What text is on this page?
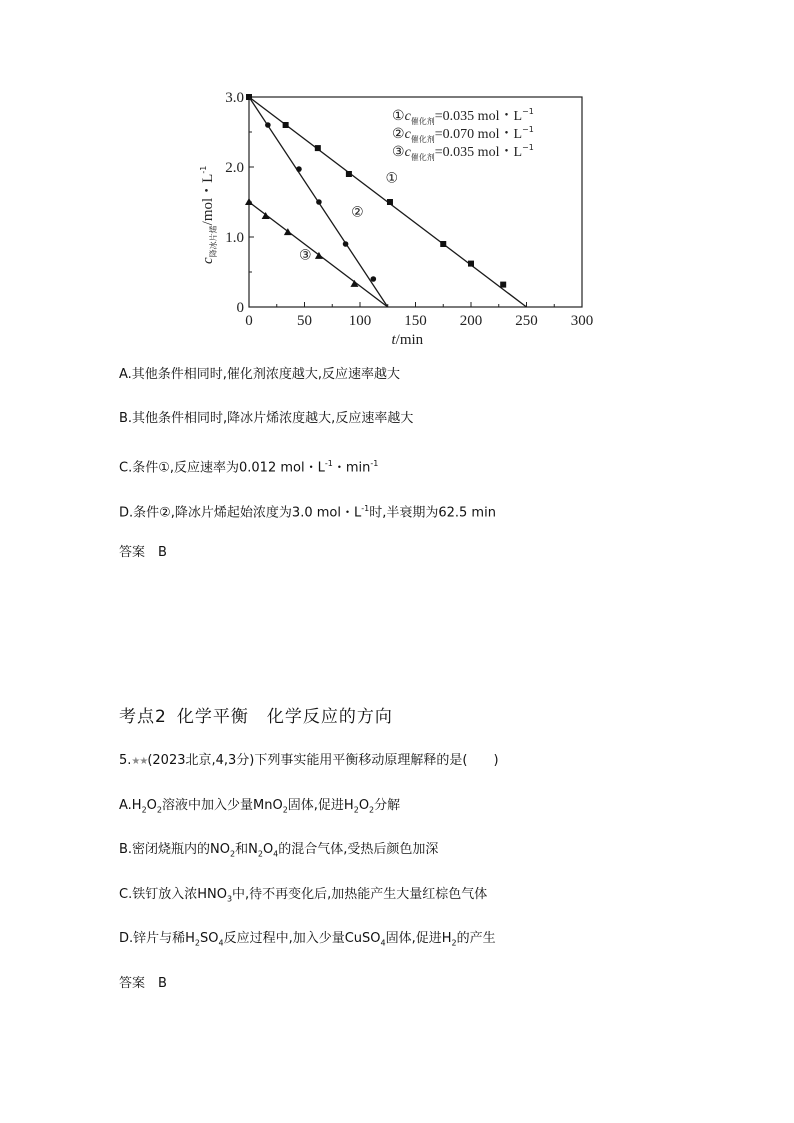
0	50 100 150 200 250 300
0
1.0
2.0
3.0
t/min
$c_{降冰片烯}$/mol・$L^{-1}$
①
②
③
$①c_{催化剂}=0.035$ mol・$L^{-1}$
$②c_{催化剂}=0.070$ mol・$L^{-1}$
$③c_{催化剂}=0.035$ mol・$L^{-1}$
A.其他条件相同时,催化剂浓度越大,反应速率越大
B.其他条件相同时,降冰片烯浓度越大,反应速率越大
C.条件①,反应速率为0.012 mol・$L^{-1}$・$\min^{-1}$
D.条件②,降冰片烯起始浓度为3.0 mol・$L^{-1}$时,半衰期为62.5 min
答案　B
考点2 化学平衡　化学反应的方向
5.★★(2023北京,4,3分)下列事实能用平衡移动原理解释的是(　　)
$A.H_2O_2$溶液中加入少量MnO$_2$固体,促进$H_2O_2$分解
B.密闭烧瓶内的$NO_2$和$N_2O_4$的混合气体,受热后颜色加深
C.铁钉放入浓$HNO_3$中,待不再变化后,加热能产生大量红棕色气体
D.锌片与稀$H_2SO_4$反应过程中,加入少量CuSO$_4$固体,促进$H_2$的产生
答案　B
